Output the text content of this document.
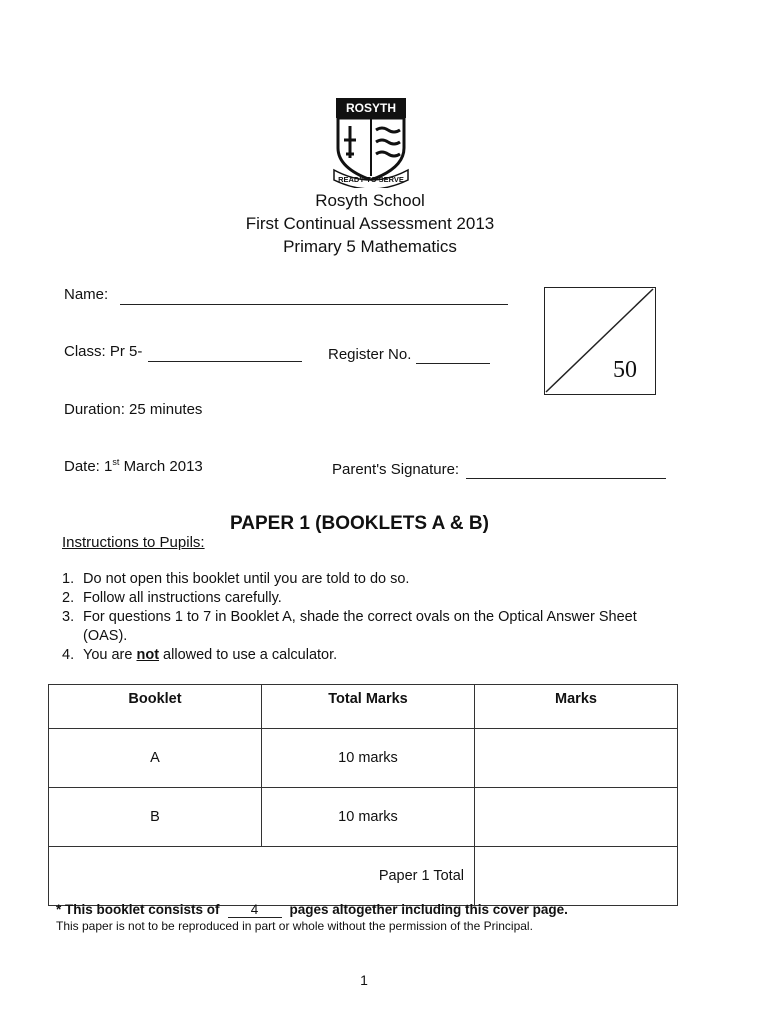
ROSYTH
READY TO SERVE
Rosyth School
First Continual Assessment 2013
Primary 5 Mathematics
Name:
Class: Pr 5-	Register No.
50
Duration: 25 minutes
Date: 1st March 2013	Parent's Signature:
PAPER 1 (BOOKLETS A & B)
Instructions to Pupils:
1. Do not open this booklet until you are told to do so.
2. Follow all instructions carefully.
3. For questions 1 to 7 in Booklet A, shade the correct ovals on the Optical Answer Sheet (OAS).
4. You are not allowed to use a calculator.
Booklet	Total Marks	Marks
A	10 marks	
B	10 marks	
Paper 1 Total		
* This booklet consists of 4 pages altogether including this cover page.
This paper is not to be reproduced in part or whole without the permission of the Principal.
1
